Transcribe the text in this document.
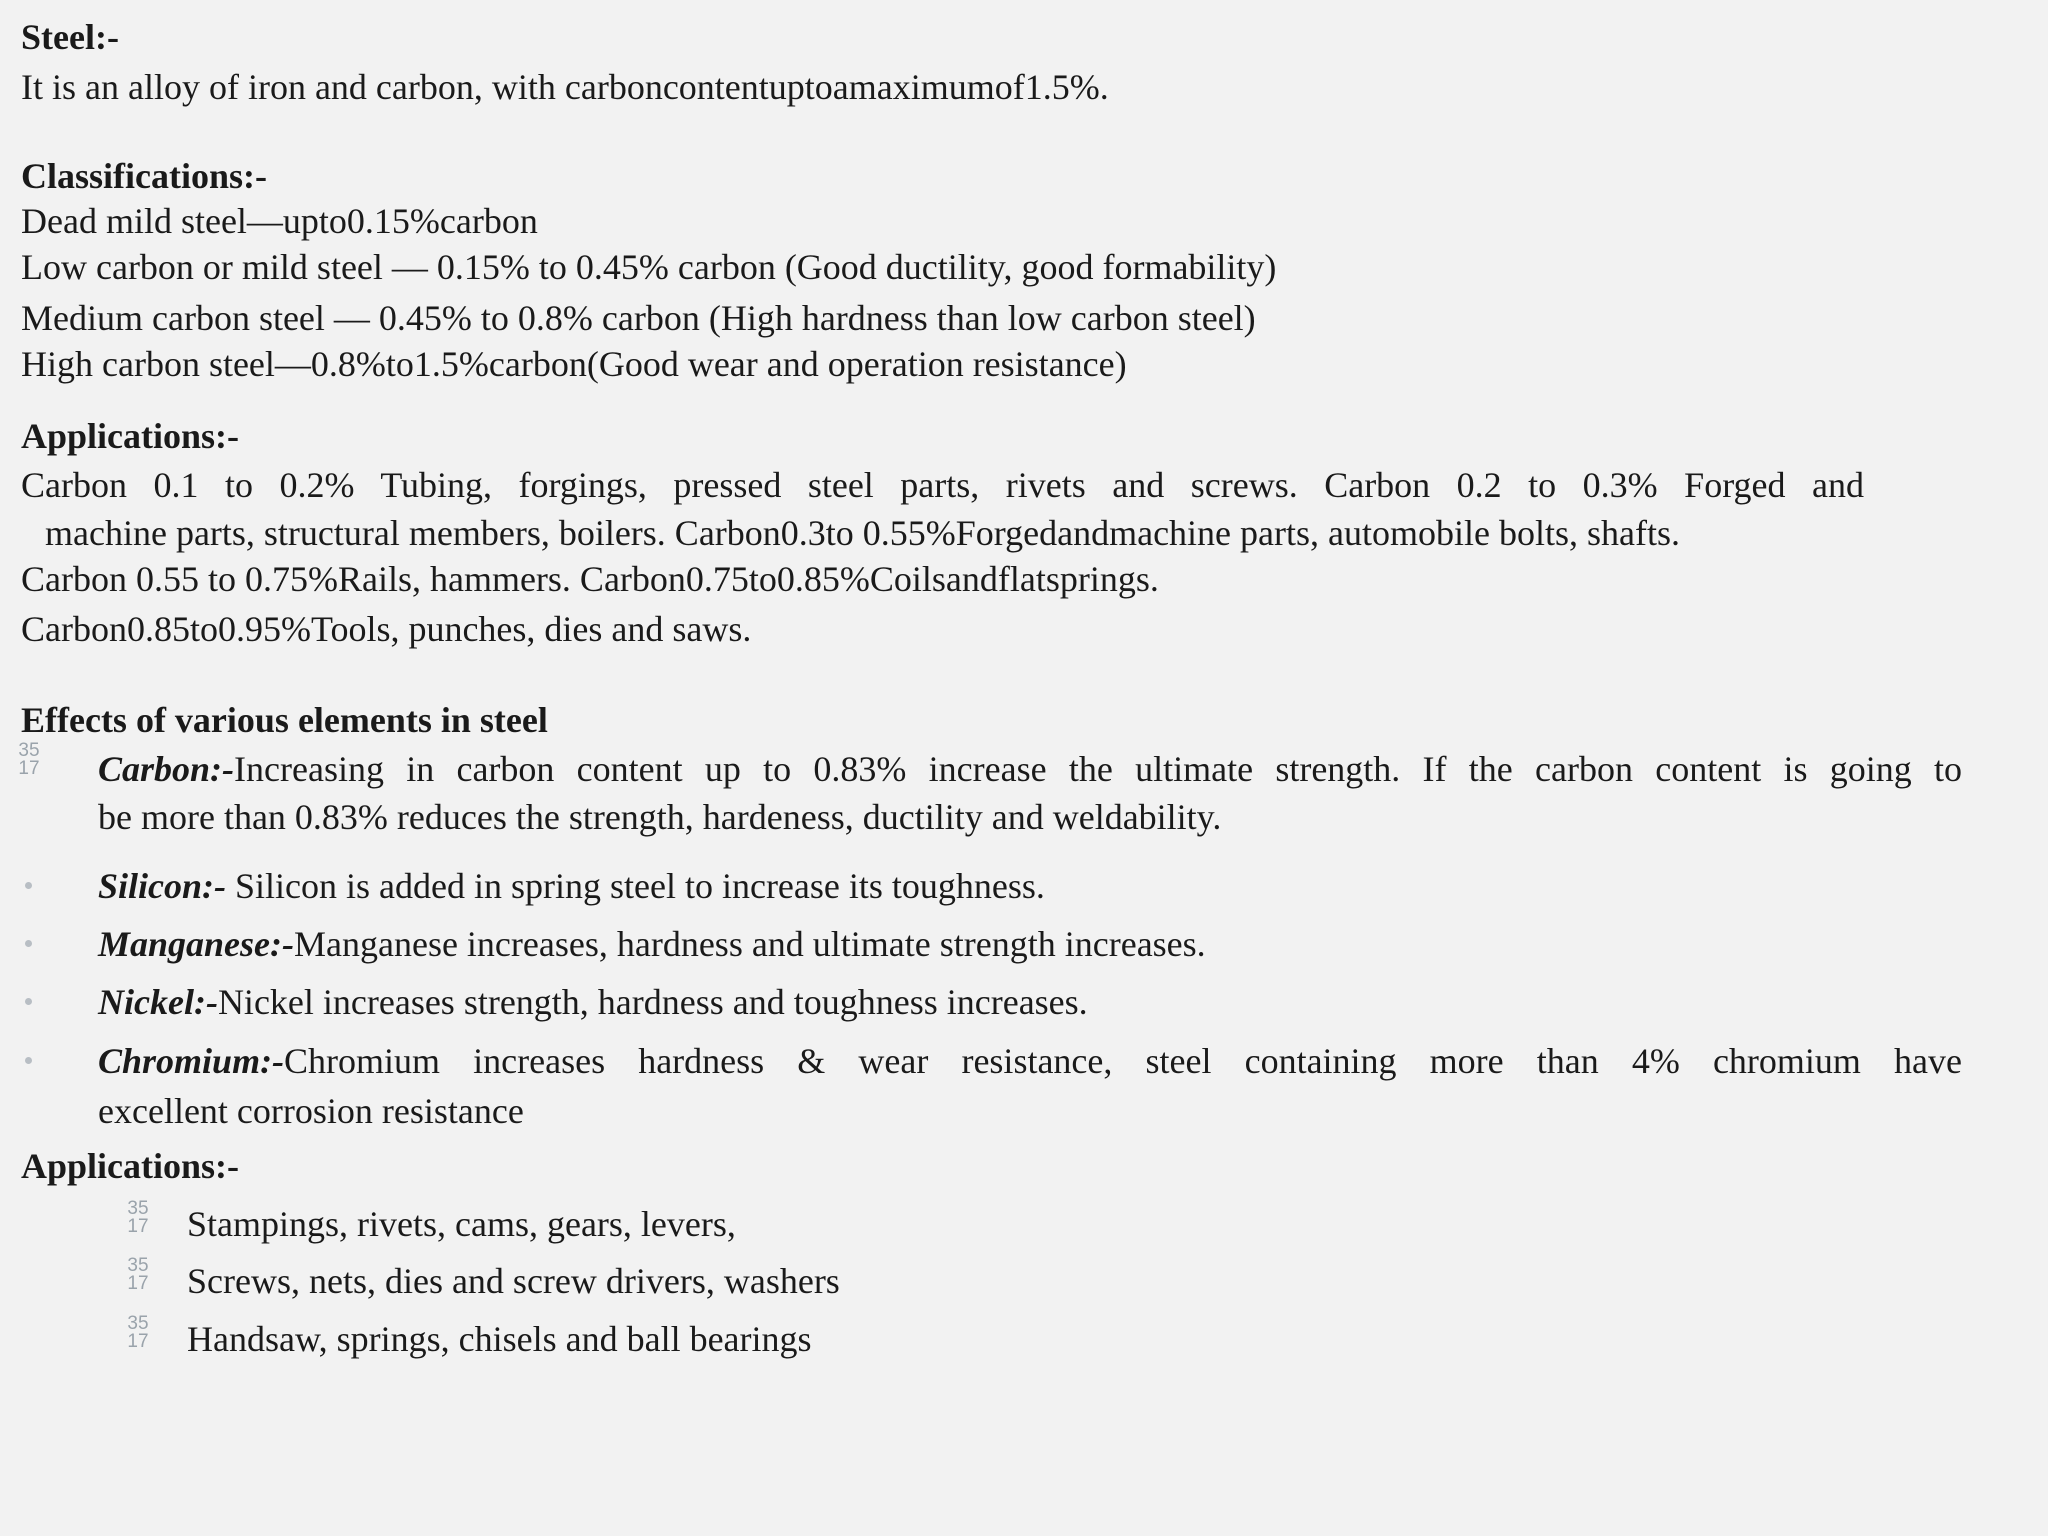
Steel:-
It is an alloy of iron and carbon, with carboncontentuptoamaximumof1.5%.
Classifications:-
Dead mild steel—upto0.15%carbon
Low carbon or mild steel — 0.15% to 0.45% carbon (Good ductility, good formability)
Medium carbon steel — 0.45% to 0.8% carbon (High hardness than low carbon steel)
High carbon steel—0.8%to1.5%carbon(Good wear and operation resistance)
Applications:-
Carbon 0.1 to 0.2% Tubing, forgings, pressed steel parts, rivets and screws. Carbon 0.2 to 0.3% Forged and
machine parts, structural members, boilers. Carbon0.3to 0.55%Forgedandmachine parts, automobile bolts, shafts.
Carbon 0.55 to 0.75%Rails, hammers. Carbon0.75to0.85%Coilsandflatsprings.
Carbon0.85to0.95%Tools, punches, dies and saws.
Effects of various elements in steel
35
17 Carbon:-Increasing in carbon content up to 0.83% increase the ultimate strength. If the carbon content is going to
be more than 0.83% reduces the strength, hardeness, ductility and weldability.
Silicon:- Silicon is added in spring steel to increase its toughness.
Manganese:-Manganese increases, hardness and ultimate strength increases.
Nickel:-Nickel increases strength, hardness and toughness increases.
Chromium:-Chromium increases hardness & wear resistance, steel containing more than 4% chromium have
excellent corrosion resistance
Applications:-
35
17 Stampings, rivets, cams, gears, levers,
35
17 Screws, nets, dies and screw drivers, washers
35
17 Handsaw, springs, chisels and ball bearings
